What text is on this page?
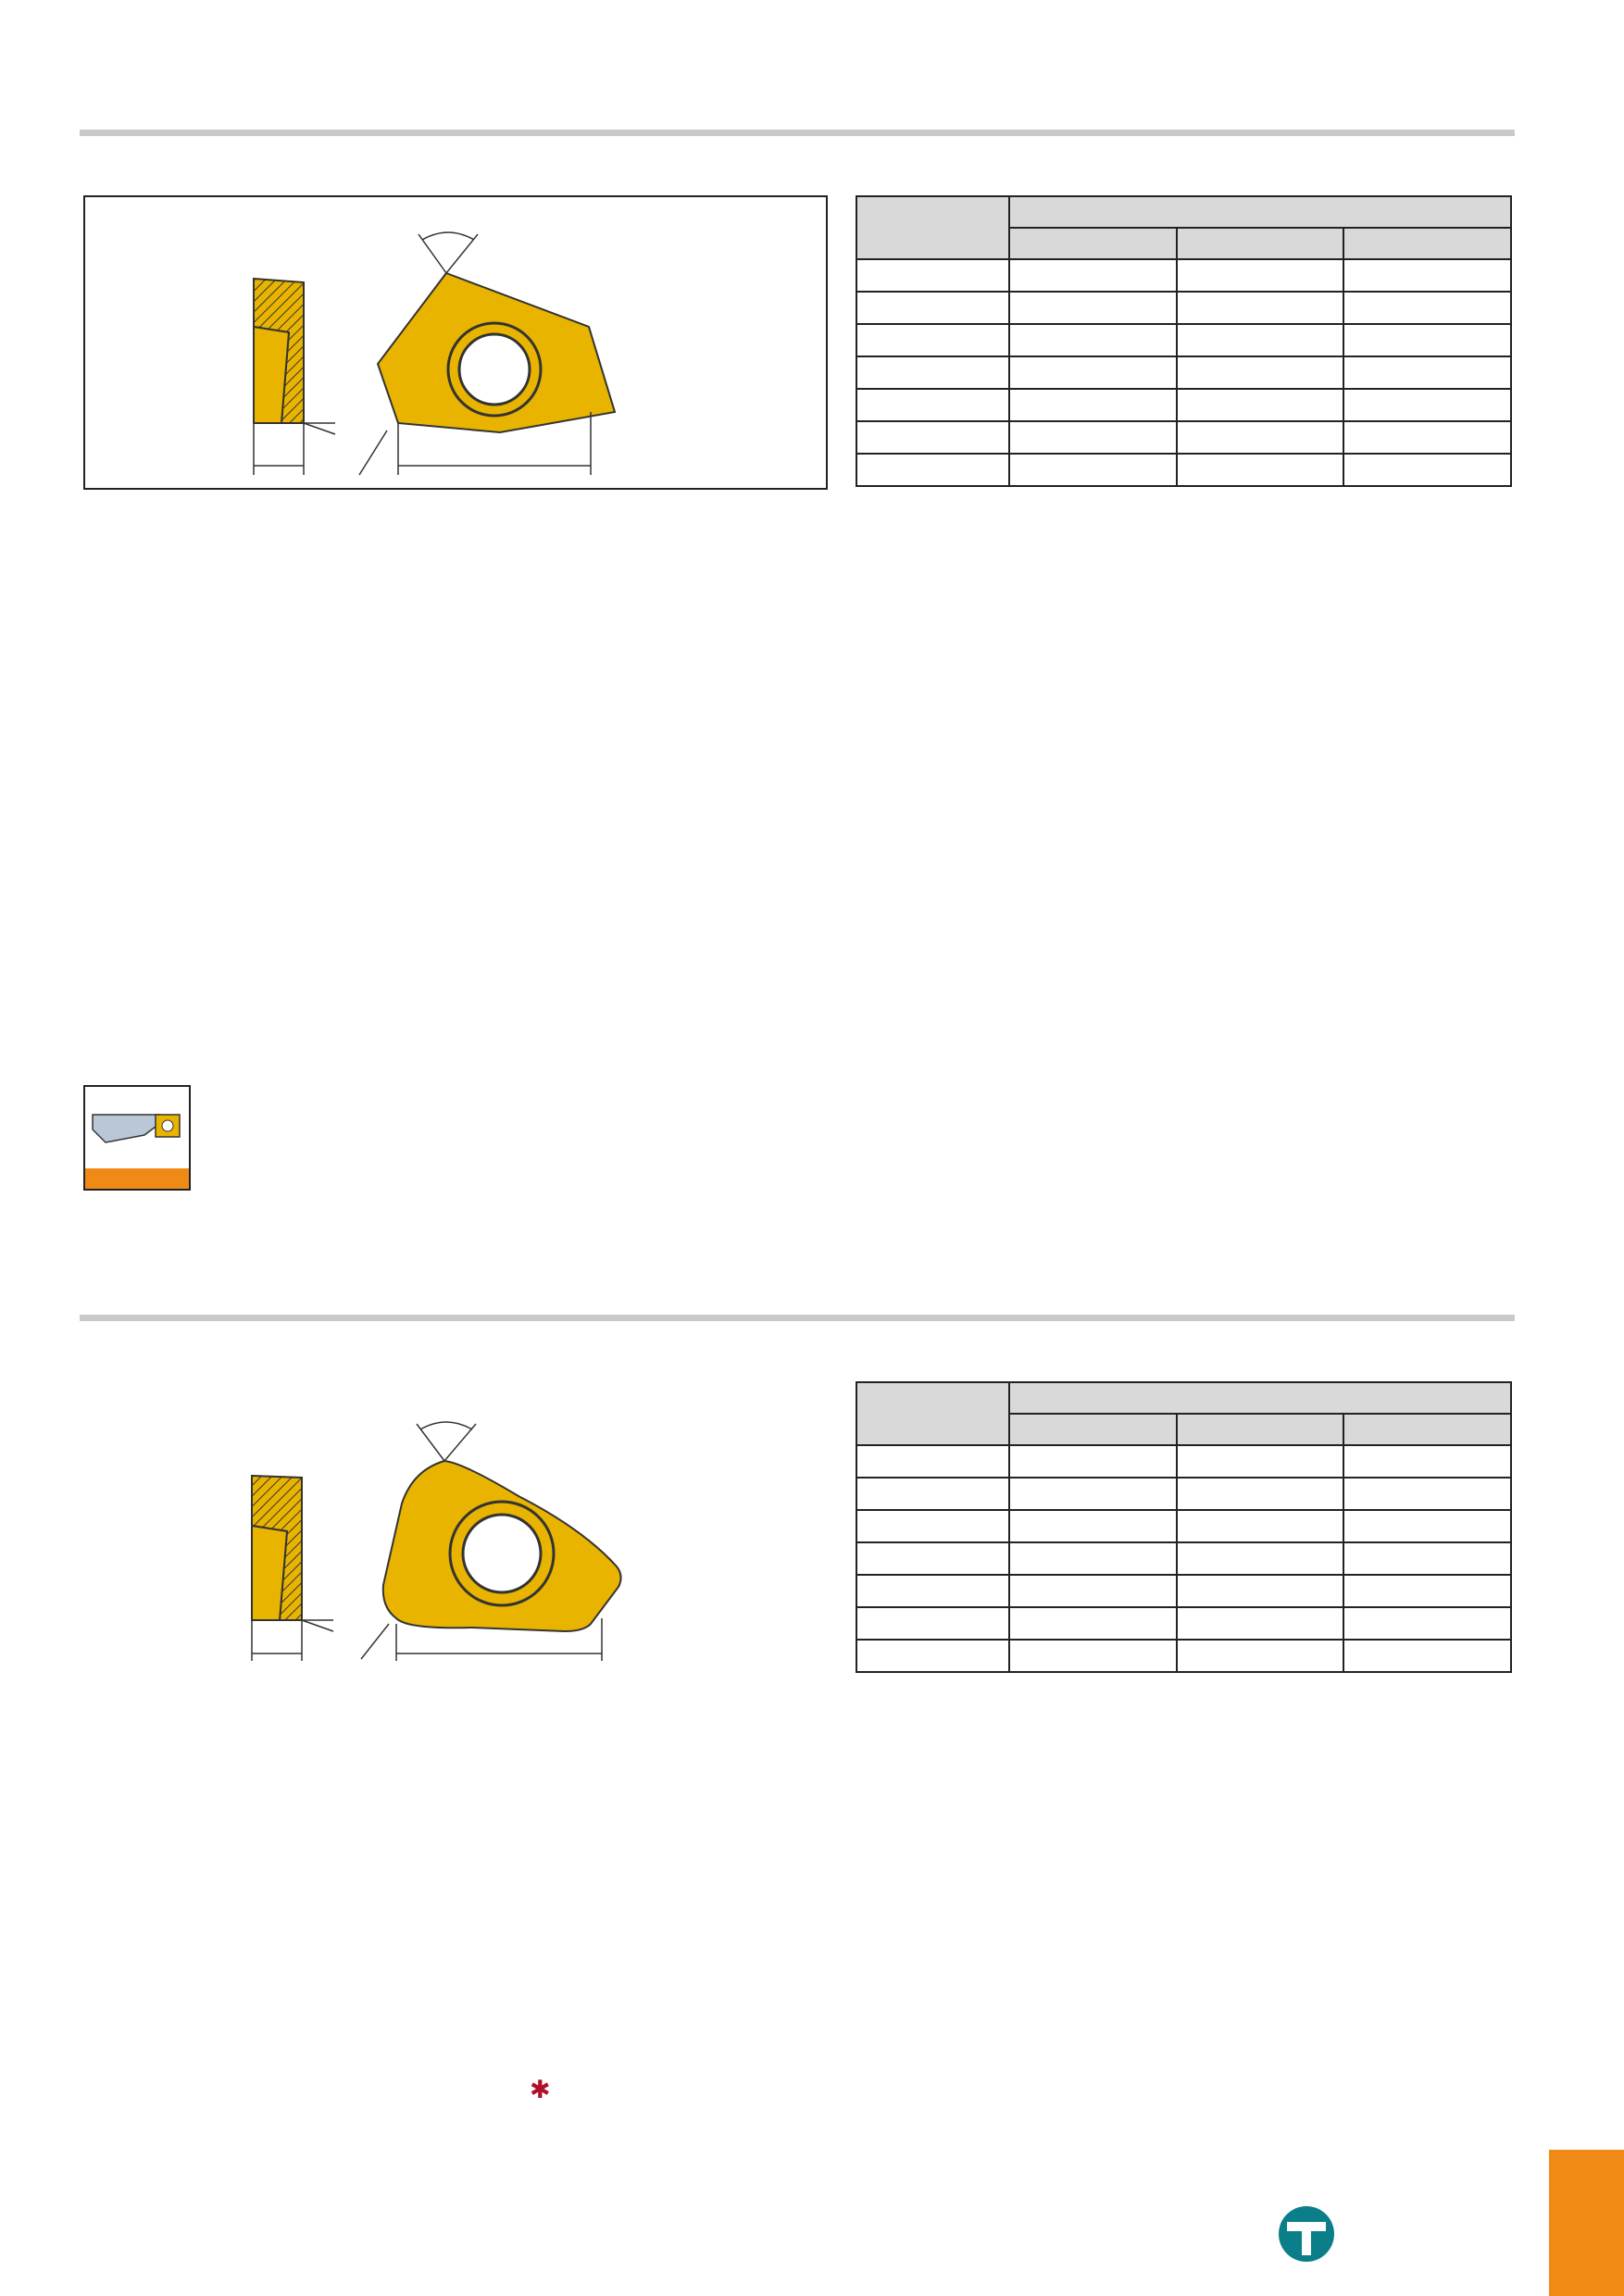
✱
